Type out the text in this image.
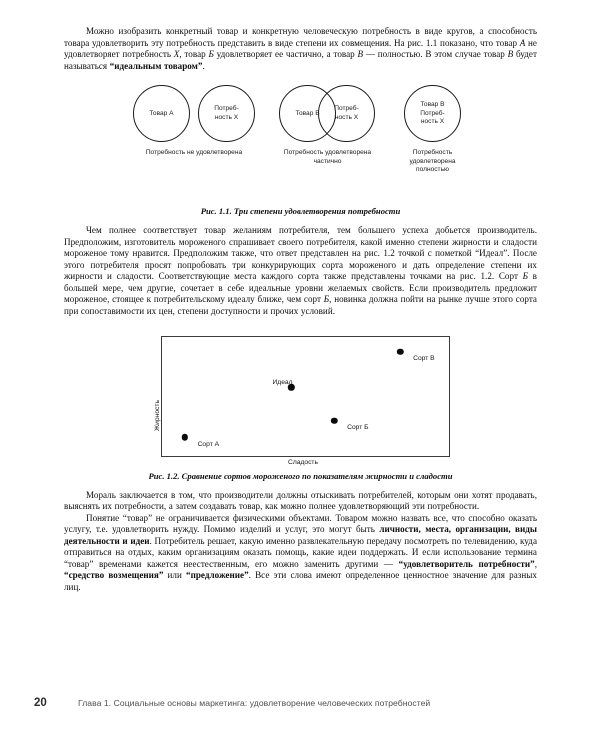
Можно изобразить конкретный товар и конкретную человеческую потребность в виде кругов, а способность товара удовлетворить эту потребность представить в виде степени их совмещения. На рис. 1.1 показано, что товар A не удовлетворяет потребность X, товар Б удовлетворяет ее частично, а товар В — полностью. В этом случае товар В будет называться “идеальным товаром”.

Товар А
Потреб-
ность Х
Потребность не удовлетворена
Товар Б
Потреб-
ность Х
Потребность удовлетворена
частично
Товар В
Потреб-
ность Х
Потребность
удовлетворена
полностью
Рис. 1.1. Три степени удовлетворения потребности

Чем полнее соответствует товар желаниям потребителя, тем большего успеха добьется производитель. Предположим, изготовитель мороженого спрашивает своего потребителя, какой именно степени жирности и сладости мороженое тому нравится. Предположим также, что ответ представлен на рис. 1.2 точкой с пометкой “Идеал”. После этого потребителя просят попробовать три конкурирующих сорта мороженого и дать определение степени их жирности и сладости. Соответствующие места каждого сорта также представлены точками на рис. 1.2. Сорт Б в большей мере, чем другие, сочетает в себе идеальные уровни желаемых свойств. Если производитель предложит мороженое, стоящее к потребительскому идеалу ближе, чем сорт Б, новинка должна пойти на рынке лучше этого сорта при сопоставимости их цен, степени доступности и прочих условий.

Жирность
Сорт А
Идеал
Сорт Б
Сорт В
Сладость
Рис. 1.2. Сравнение сортов мороженого по показателям жирности и сладости

Мораль заключается в том, что производители должны отыскивать потребителей, которым они хотят продавать, выяснять их потребности, а затем создавать товар, как можно полнее удовлетворяющий эти потребности.

Понятие “товар” не ограничивается физическими объектами. Товаром можно назвать все, что способно оказать услугу, т.е. удовлетворить нужду. Помимо изделий и услуг, это могут быть личности, места, организации, виды деятельности и идеи. Потребитель решает, какую именно развлекательную передачу посмотреть по телевидению, куда отправиться на отдых, каким организациям оказать помощь, какие идеи поддержать. И если использование термина “товар” временами кажется неестественным, его можно заменить другими — “удовлетворитель потребности”, “средство возмещения” или “предложение”. Все эти слова имеют определенное ценностное значение для разных лиц.

20	Глава 1. Социальные основы маркетинга: удовлетворение человеческих потребностей
